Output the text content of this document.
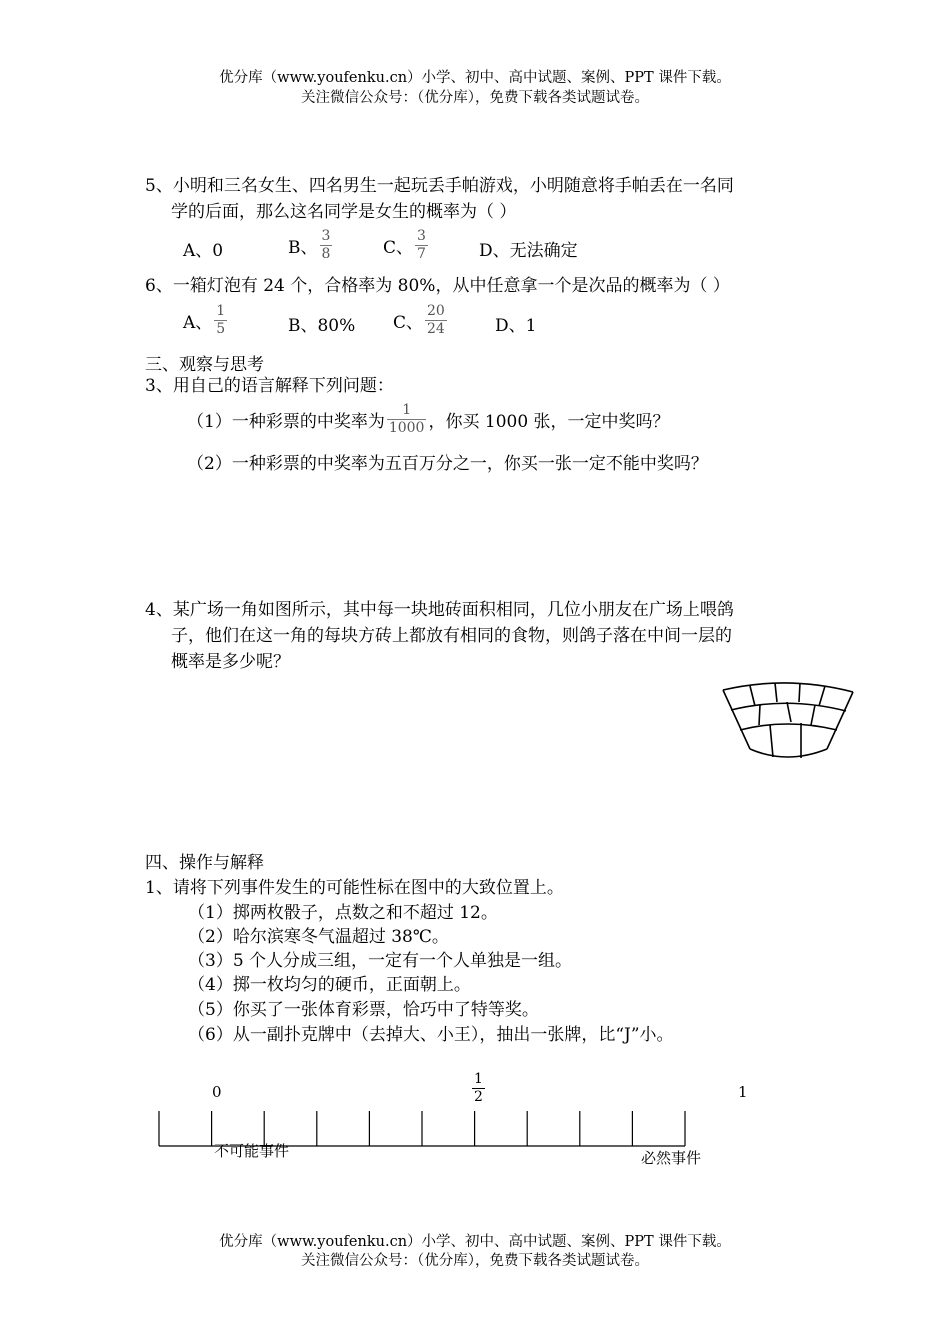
优分库（www.youfenku.cn）小学、初中、高中试题、案例、PPT 课件下载。
关注微信公众号：（优分库），免费下载各类试题试卷。
5、小明和三名女生、四名男生一起玩丢手帕游戏，小明随意将手帕丢在一名同
学的后面，那么这名同学是女生的概率为（ ）
A、0	B、 $\frac{3}{8}$	C、 $\frac{3}{7}$	D、无法确定
6、一箱灯泡有 24 个，合格率为 80%，从中任意拿一个是次品的概率为（ ）
A、 $\frac{1}{5}$	B、80% C、 $\frac{20}{24}$	D、1
三、观察与思考
3、用自己的语言解释下列问题：
（1）一种彩票的中奖率为 $\frac{1}{1000}$ ，你买 1000 张，一定中奖吗？
（2）一种彩票的中奖率为五百万分之一，你买一张一定不能中奖吗？
4、某广场一角如图所示，其中每一块地砖面积相同，几位小朋友在广场上喂鸽
子，他们在这一角的每块方砖上都放有相同的食物，则鸽子落在中间一层的
概率是多少呢？
四、操作与解释
1、请将下列事件发生的可能性标在图中的大致位置上。
（1）掷两枚骰子，点数之和不超过 12。
（2）哈尔滨寒冬气温超过 38℃。
（3）5 个人分成三组，一定有一个人单独是一组。
（4）掷一枚均匀的硬币，正面朝上。
（5）你买了一张体育彩票，恰巧中了特等奖。
（6）从一副扑克牌中（去掉大、小王），抽出一张牌，比“J”小。
0	$\frac{1}{2}$	1
不可能事件	必然事件
优分库（www.youfenku.cn）小学、初中、高中试题、案例、PPT 课件下载。
关注微信公众号：（优分库），免费下载各类试题试卷。
